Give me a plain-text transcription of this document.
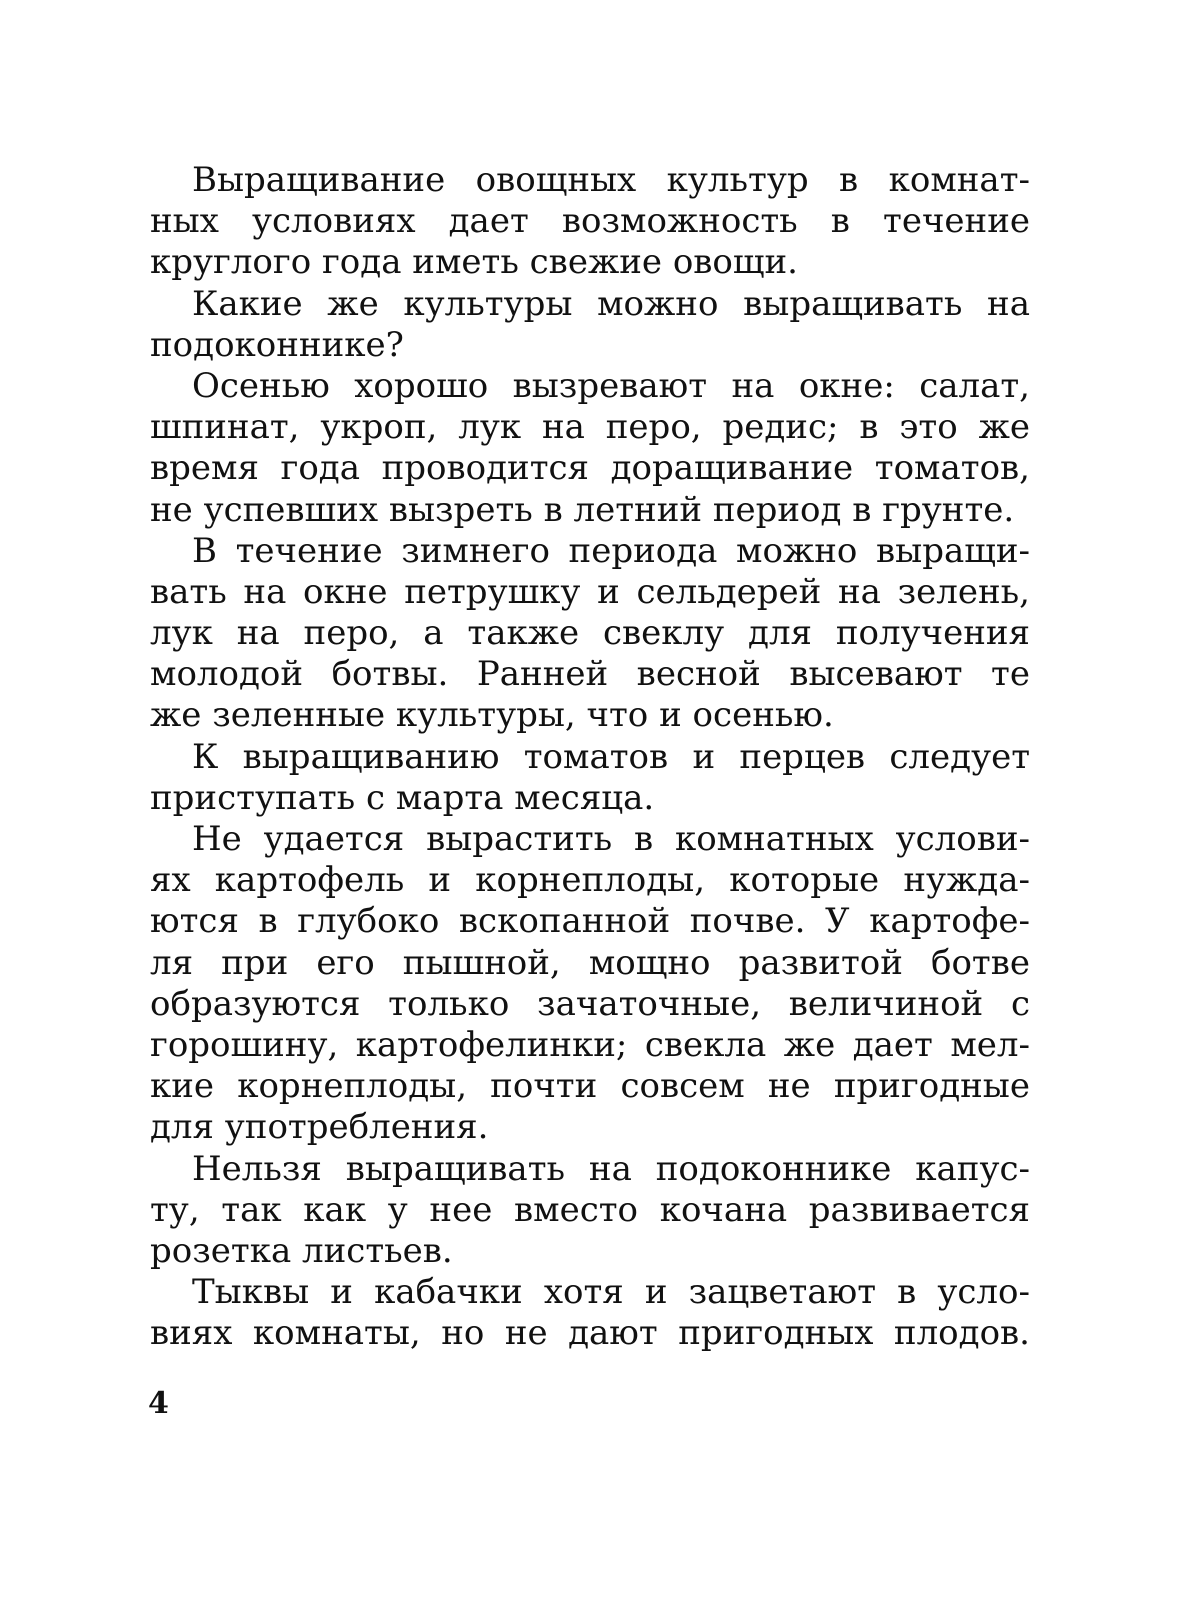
Выращивание овощных культур в комнат-
ных условиях дает возможность в течение
круглого года иметь свежие овощи.
Какие же культуры можно выращивать на
подоконнике?
Осенью хорошо вызревают на окне: салат,
шпинат, укроп, лук на перо, редис; в это же
время года проводится доращивание томатов,
не успевших вызреть в летний период в грунте.
В течение зимнего периода можно выращи-
вать на окне петрушку и сельдерей на зелень,
лук на перо, а также свеклу для получения
молодой ботвы. Ранней весной высевают те
же зеленные культуры, что и осенью.
К выращиванию томатов и перцев следует
приступать с марта месяца.
Не удается вырастить в комнатных услови-
ях картофель и корнеплоды, которые нужда-
ются в глубоко вскопанной почве. У картофе-
ля при его пышной, мощно развитой ботве
образуются только зачаточные, величиной с
горошину, картофелинки; свекла же дает мел-
кие корнеплоды, почти совсем не пригодные
для употребления.
Нельзя выращивать на подоконнике капус-
ту, так как у нее вместо кочана развивается
розетка листьев.
Тыквы и кабачки хотя и зацветают в усло-
виях комнаты, но не дают пригодных плодов.
4
